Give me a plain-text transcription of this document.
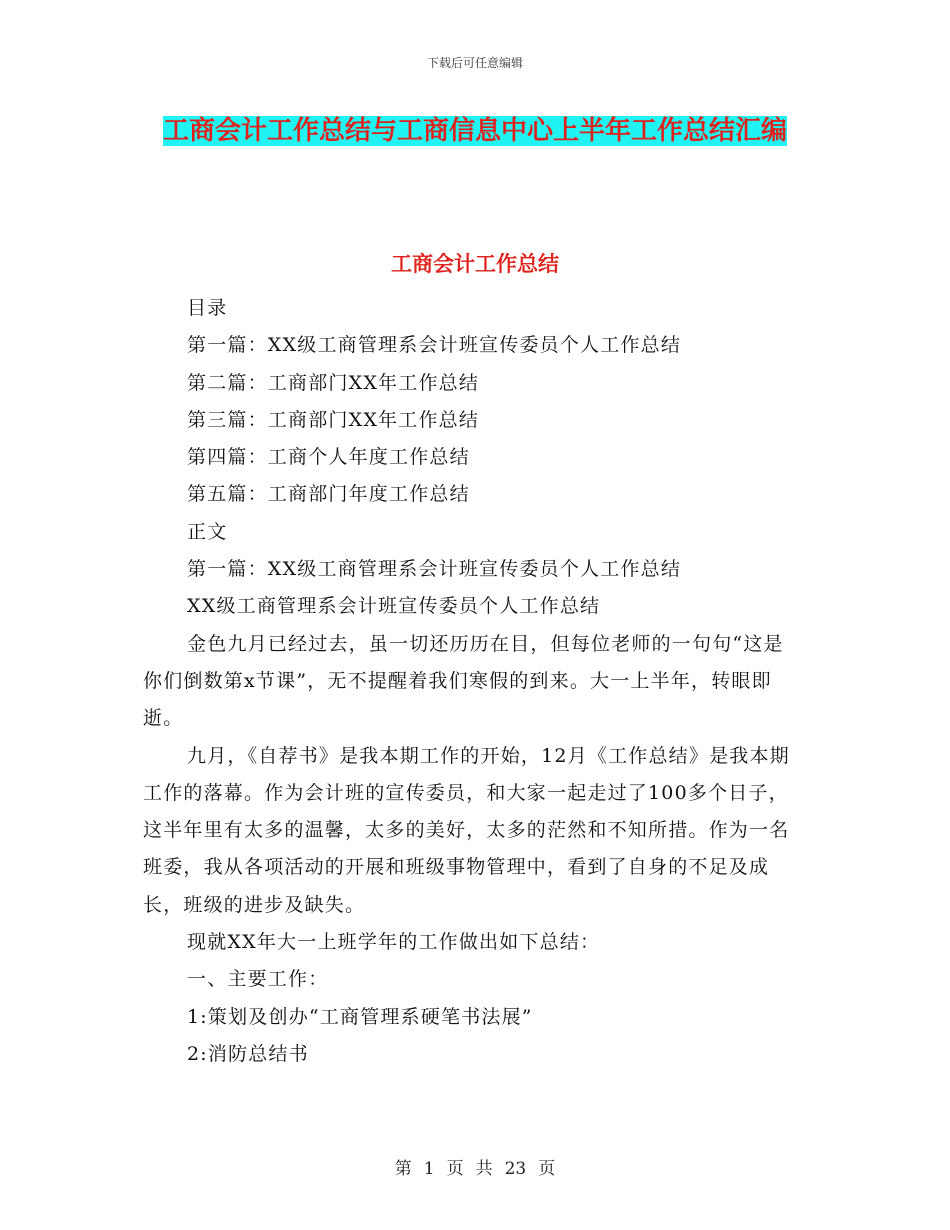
下载后可任意编辑
工商会计工作总结与工商信息中心上半年工作总结汇编
工商会计工作总结

目录

第一篇：XX级工商管理系会计班宣传委员个人工作总结

第二篇：工商部门XX年工作总结

第三篇：工商部门XX年工作总结

第四篇：工商个人年度工作总结

第五篇：工商部门年度工作总结

正文

第一篇：XX级工商管理系会计班宣传委员个人工作总结

XX级工商管理系会计班宣传委员个人工作总结

金色九月已经过去，虽一切还历历在目，但每位老师的一句句“这是你们倒数第x节课”，无不提醒着我们寒假的到来。大一上半年，转眼即逝。

九月，《自荐书》是我本期工作的开始，12月《工作总结》是我本期工作的落幕。作为会计班的宣传委员，和大家一起走过了100多个日子，这半年里有太多的温馨，太多的美好，太多的茫然和不知所措。作为一名班委，我从各项活动的开展和班级事物管理中，看到了自身的不足及成长，班级的进步及缺失。

现就XX年大一上班学年的工作做出如下总结：

一、主要工作：

1:策划及创办“工商管理系硬笔书法展”

2:消防总结书

第 1 页 共 23 页
